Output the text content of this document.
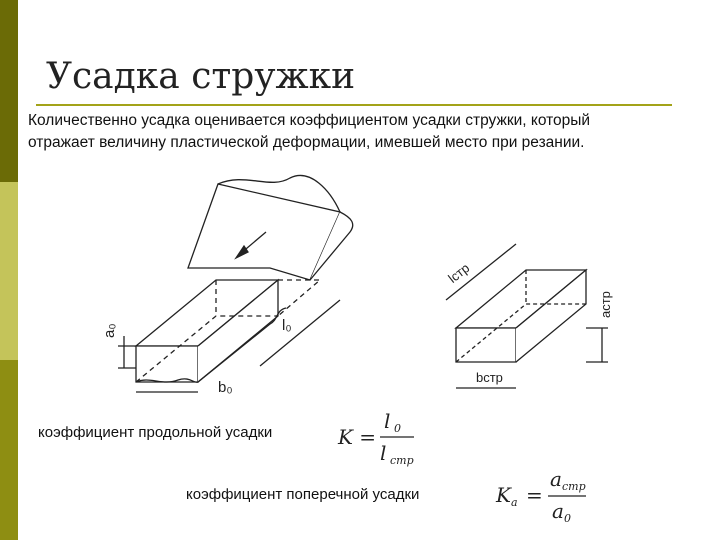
Усадка стружки
Количественно усадка оценивается коэффициентом усадки стружки, который
отражает величину пластической деформации, имевшей место при резании.
a₀	l₀
b₀
lстр
aстр
bстр
коэффициент продольной усадки	K =
l 0
l стр
коэффициент поперечной усадки	K a =
a стр
a 0
